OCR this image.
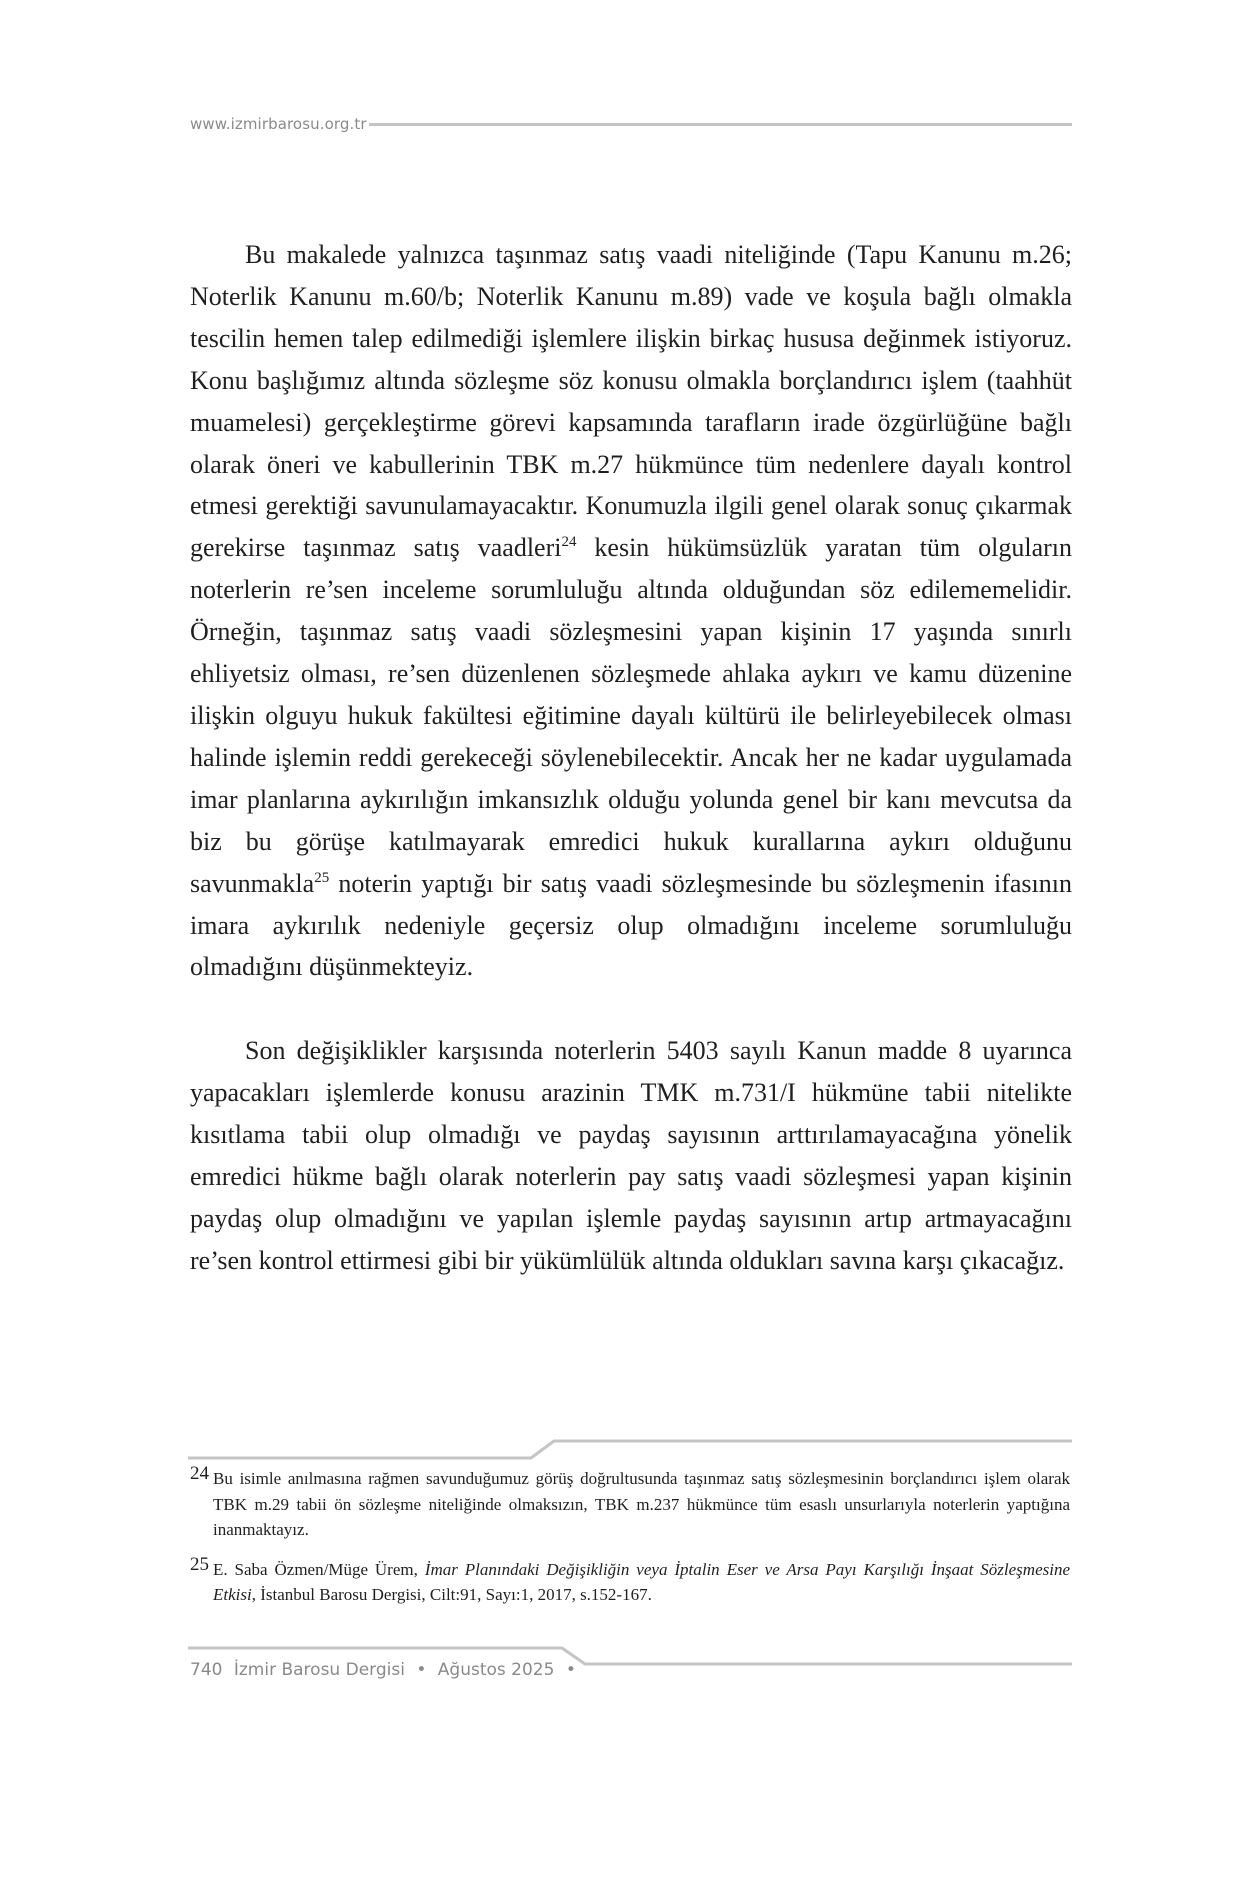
www.izmirbarosu.org.tr

Bu makalede yalnızca taşınmaz satış vaadi niteliğinde (Tapu Kanunu m.26; Noterlik Kanunu m.60/b; Noterlik Kanunu m.89) vade ve koşula bağlı olmakla tescilin hemen talep edilmediği işlemlere ilişkin birkaç hususa değinmek istiyoruz. Konu başlığımız altında sözleşme söz konusu olmakla borçlandırıcı işlem (taahhüt muamelesi) gerçekleştirme görevi kapsamında tarafların irade özgürlüğüne bağlı olarak öneri ve kabullerinin TBK m.27 hükmünce tüm nedenlere dayalı kontrol etmesi gerektiği savunulamayacaktır. Konumuzla ilgili genel olarak sonuç çıkarmak gerekirse taşınmaz satış vaadleri$^{24}$ kesin hükümsüzlük yaratan tüm olguların noterlerin re’sen inceleme sorumluluğu altında olduğundan söz edilememelidir. Örneğin, taşınmaz satış vaadi sözleşmesini yapan kişinin 17 yaşında sınırlı ehliyetsiz olması, re’sen düzenlenen sözleşmede ahlaka aykırı ve kamu düzenine ilişkin olguyu hukuk fakültesi eğitimine dayalı kültürü ile belirleyebilecek olması halinde işlemin reddi gerekeceği söylenebilecektir. Ancak her ne kadar uygulamada imar planlarına aykırılığın imkansızlık olduğu yolunda genel bir kanı mevcutsa da biz bu görüşe katılmayarak emredici hukuk kurallarına aykırı olduğunu savunmakla$^{25}$ noterin yaptığı bir satış vaadi sözleşmesinde bu sözleşmenin ifasının imara aykırılık nedeniyle geçersiz olup olmadığını inceleme sorumluluğu olmadığını düşünmekteyiz.

Son değişiklikler karşısında noterlerin 5403 sayılı Kanun madde 8 uyarınca yapacakları işlemlerde konusu arazinin TMK m.731/I hükmüne tabii nitelikte kısıtlama tabii olup olmadığı ve paydaş sayısının arttırılamayacağına yönelik emredici hükme bağlı olarak noterlerin pay satış vaadi sözleşmesi yapan kişinin paydaş olup olmadığını ve yapılan işlemle paydaş sayısının artıp artmayacağını re’sen kontrol ettirmesi gibi bir yükümlülük altında oldukları savına karşı çıkacağız.

24 Bu isimle anılmasına rağmen savunduğumuz görüş doğrultusunda taşınmaz satış sözleşmesinin borçlandırıcı işlem olarak TBK m.29 tabii ön sözleşme niteliğinde olmaksızın, TBK m.237 hükmünce tüm esaslı unsurlarıyla noterlerin yaptığına inanmaktayız.
25 E. Saba Özmen/Müge Ürem, İmar Planındaki Değişikliğin veya İptalin Eser ve Arsa Payı Karşılığı İnşaat Sözleşmesine Etkisi, İstanbul Barosu Dergisi, Cilt:91, Sayı:1, 2017, s.152-167.
740 İzmir Barosu Dergisi • Ağustos 2025 •
